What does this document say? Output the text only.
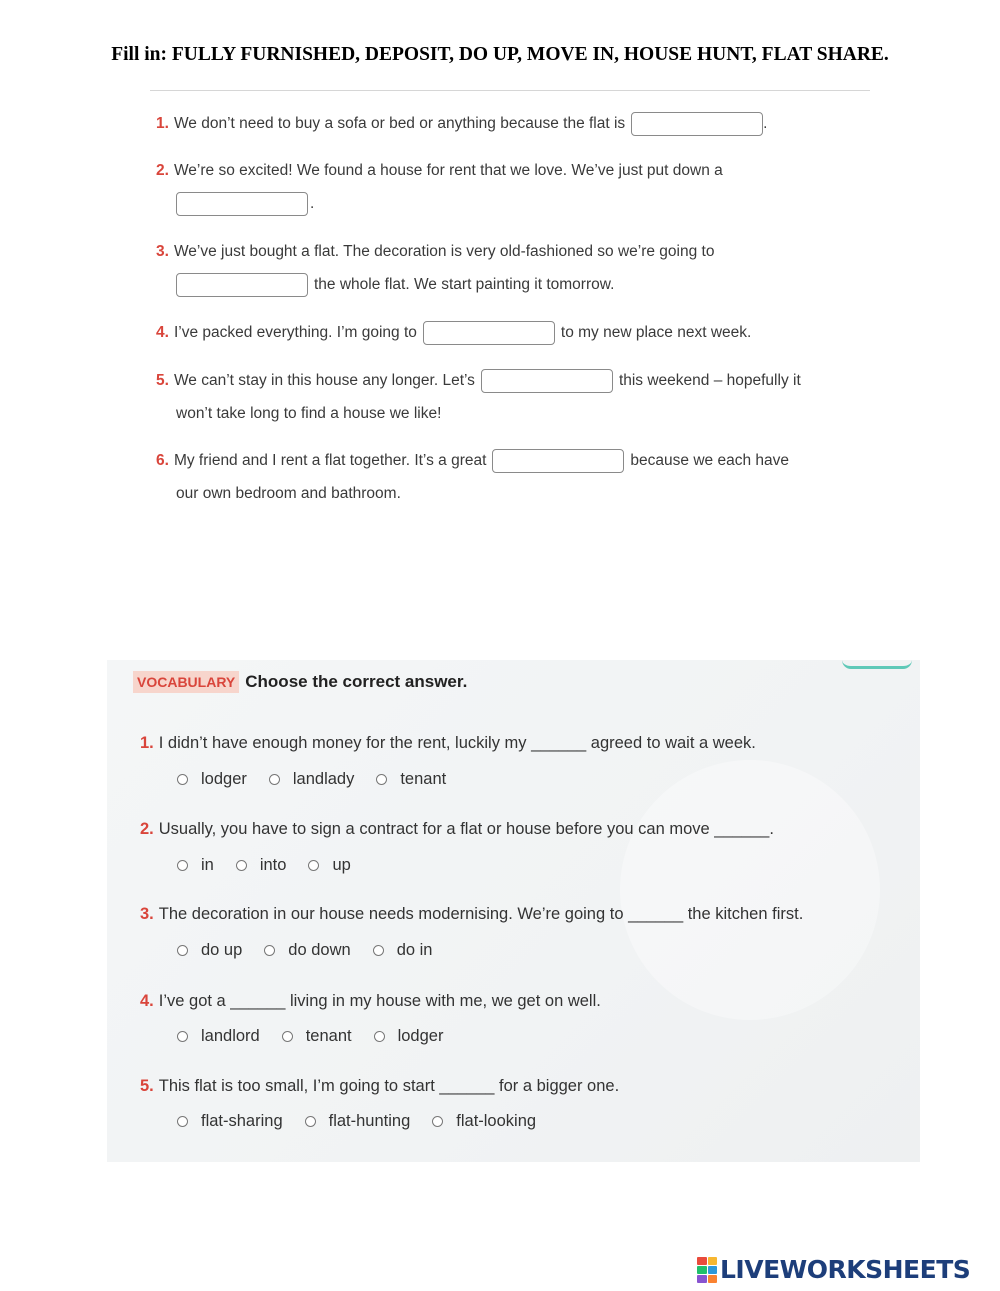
Fill in: FULLY FURNISHED, DEPOSIT, DO UP, MOVE IN, HOUSE HUNT, FLAT SHARE.
1. We don’t need to buy a sofa or bed or anything because the flat is	.
2. We’re so excited! We found a house for rent that we love. We’ve just put down a
.
3. We’ve just bought a flat. The decoration is very old-fashioned so we’re going to
the whole flat. We start painting it tomorrow.
4. I’ve packed everything. I’m going to	to my new place next week.
5. We can’t stay in this house any longer. Let’s	this weekend – hopefully it
won’t take long to find a house we like!
6. My friend and I rent a flat together. It’s a great	because we each have
our own bedroom and bathroom.
VOCABULARY Choose the correct answer.
1. I didn’t have enough money for the rent, luckily my ______ agreed to wait a week.
lodger	landlady	tenant
2. Usually, you have to sign a contract for a flat or house before you can move ______.
in	into	up
3. The decoration in our house needs modernising. We’re going to ______ the kitchen first.
do up	do down	do in
4. I’ve got a ______ living in my house with me, we get on well.
landlord	tenant	lodger
5. This flat is too small, I’m going to start ______ for a bigger one.
flat-sharing	flat-hunting	flat-looking
LIVEWORKSHEETS
